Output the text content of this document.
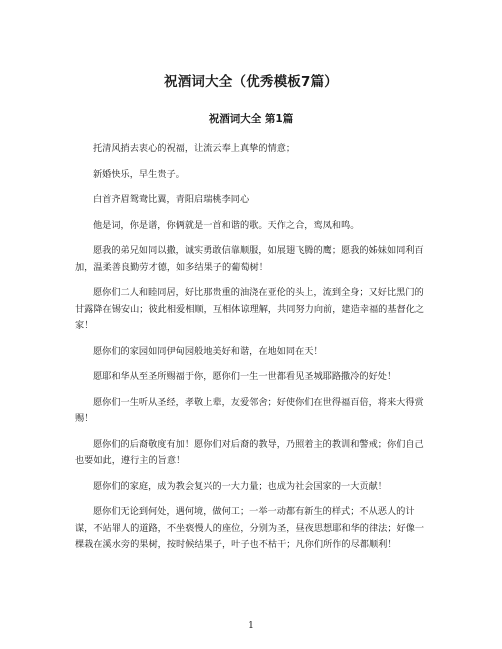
祝酒词大全（优秀模板7篇）
祝酒词大全 第1篇

托清风捎去衷心的祝福，让流云奉上真挚的情意；

新婚快乐，早生贵子。

白首齐眉鸳鸯比翼，青阳启瑞桃李同心

他是词，你是谱，你俩就是一首和谐的歌。天作之合，鸾凤和鸣。

愿我的弟兄如同以撒，诚实勇敢信靠顺服，如展翅飞腾的鹰；愿我的姊妹如同利百加，温柔善良勤劳才德，如多结果子的葡萄树！

愿你们二人和睦同居，好比那贵重的油浇在亚伦的头上，流到全身；又好比黑门的甘露降在锡安山；彼此相爱相顺，互相体谅理解，共同努力向前，建造幸福的基督化之家！

愿你们的家园如同伊甸园般地美好和谐，在地如同在天！

愿耶和华从至圣所赐福于你，愿你们一生一世都看见圣城耶路撒冷的好处！

愿你们一生听从圣经，孝敬上辈，友爱邻舍；好使你们在世得福百倍，将来大得赏赐！

愿你们的后裔敬度有加！愿你们对后裔的教导，乃照着主的教训和警戒；你们自己也要如此，遵行主的旨意！

愿你们的家庭，成为教会复兴的一大力量；也成为社会国家的一大贡献！

愿你们无论到何处，遇何境，做何工；一举一动都有新生的样式；不从恶人的计谋，不站罪人的道路，不坐亵慢人的座位，分别为圣，昼夜思想耶和华的律法；好像一棵栽在溪水旁的果树，按时候结果子，叶子也不枯干；凡你们所作的尽都顺利！

1
